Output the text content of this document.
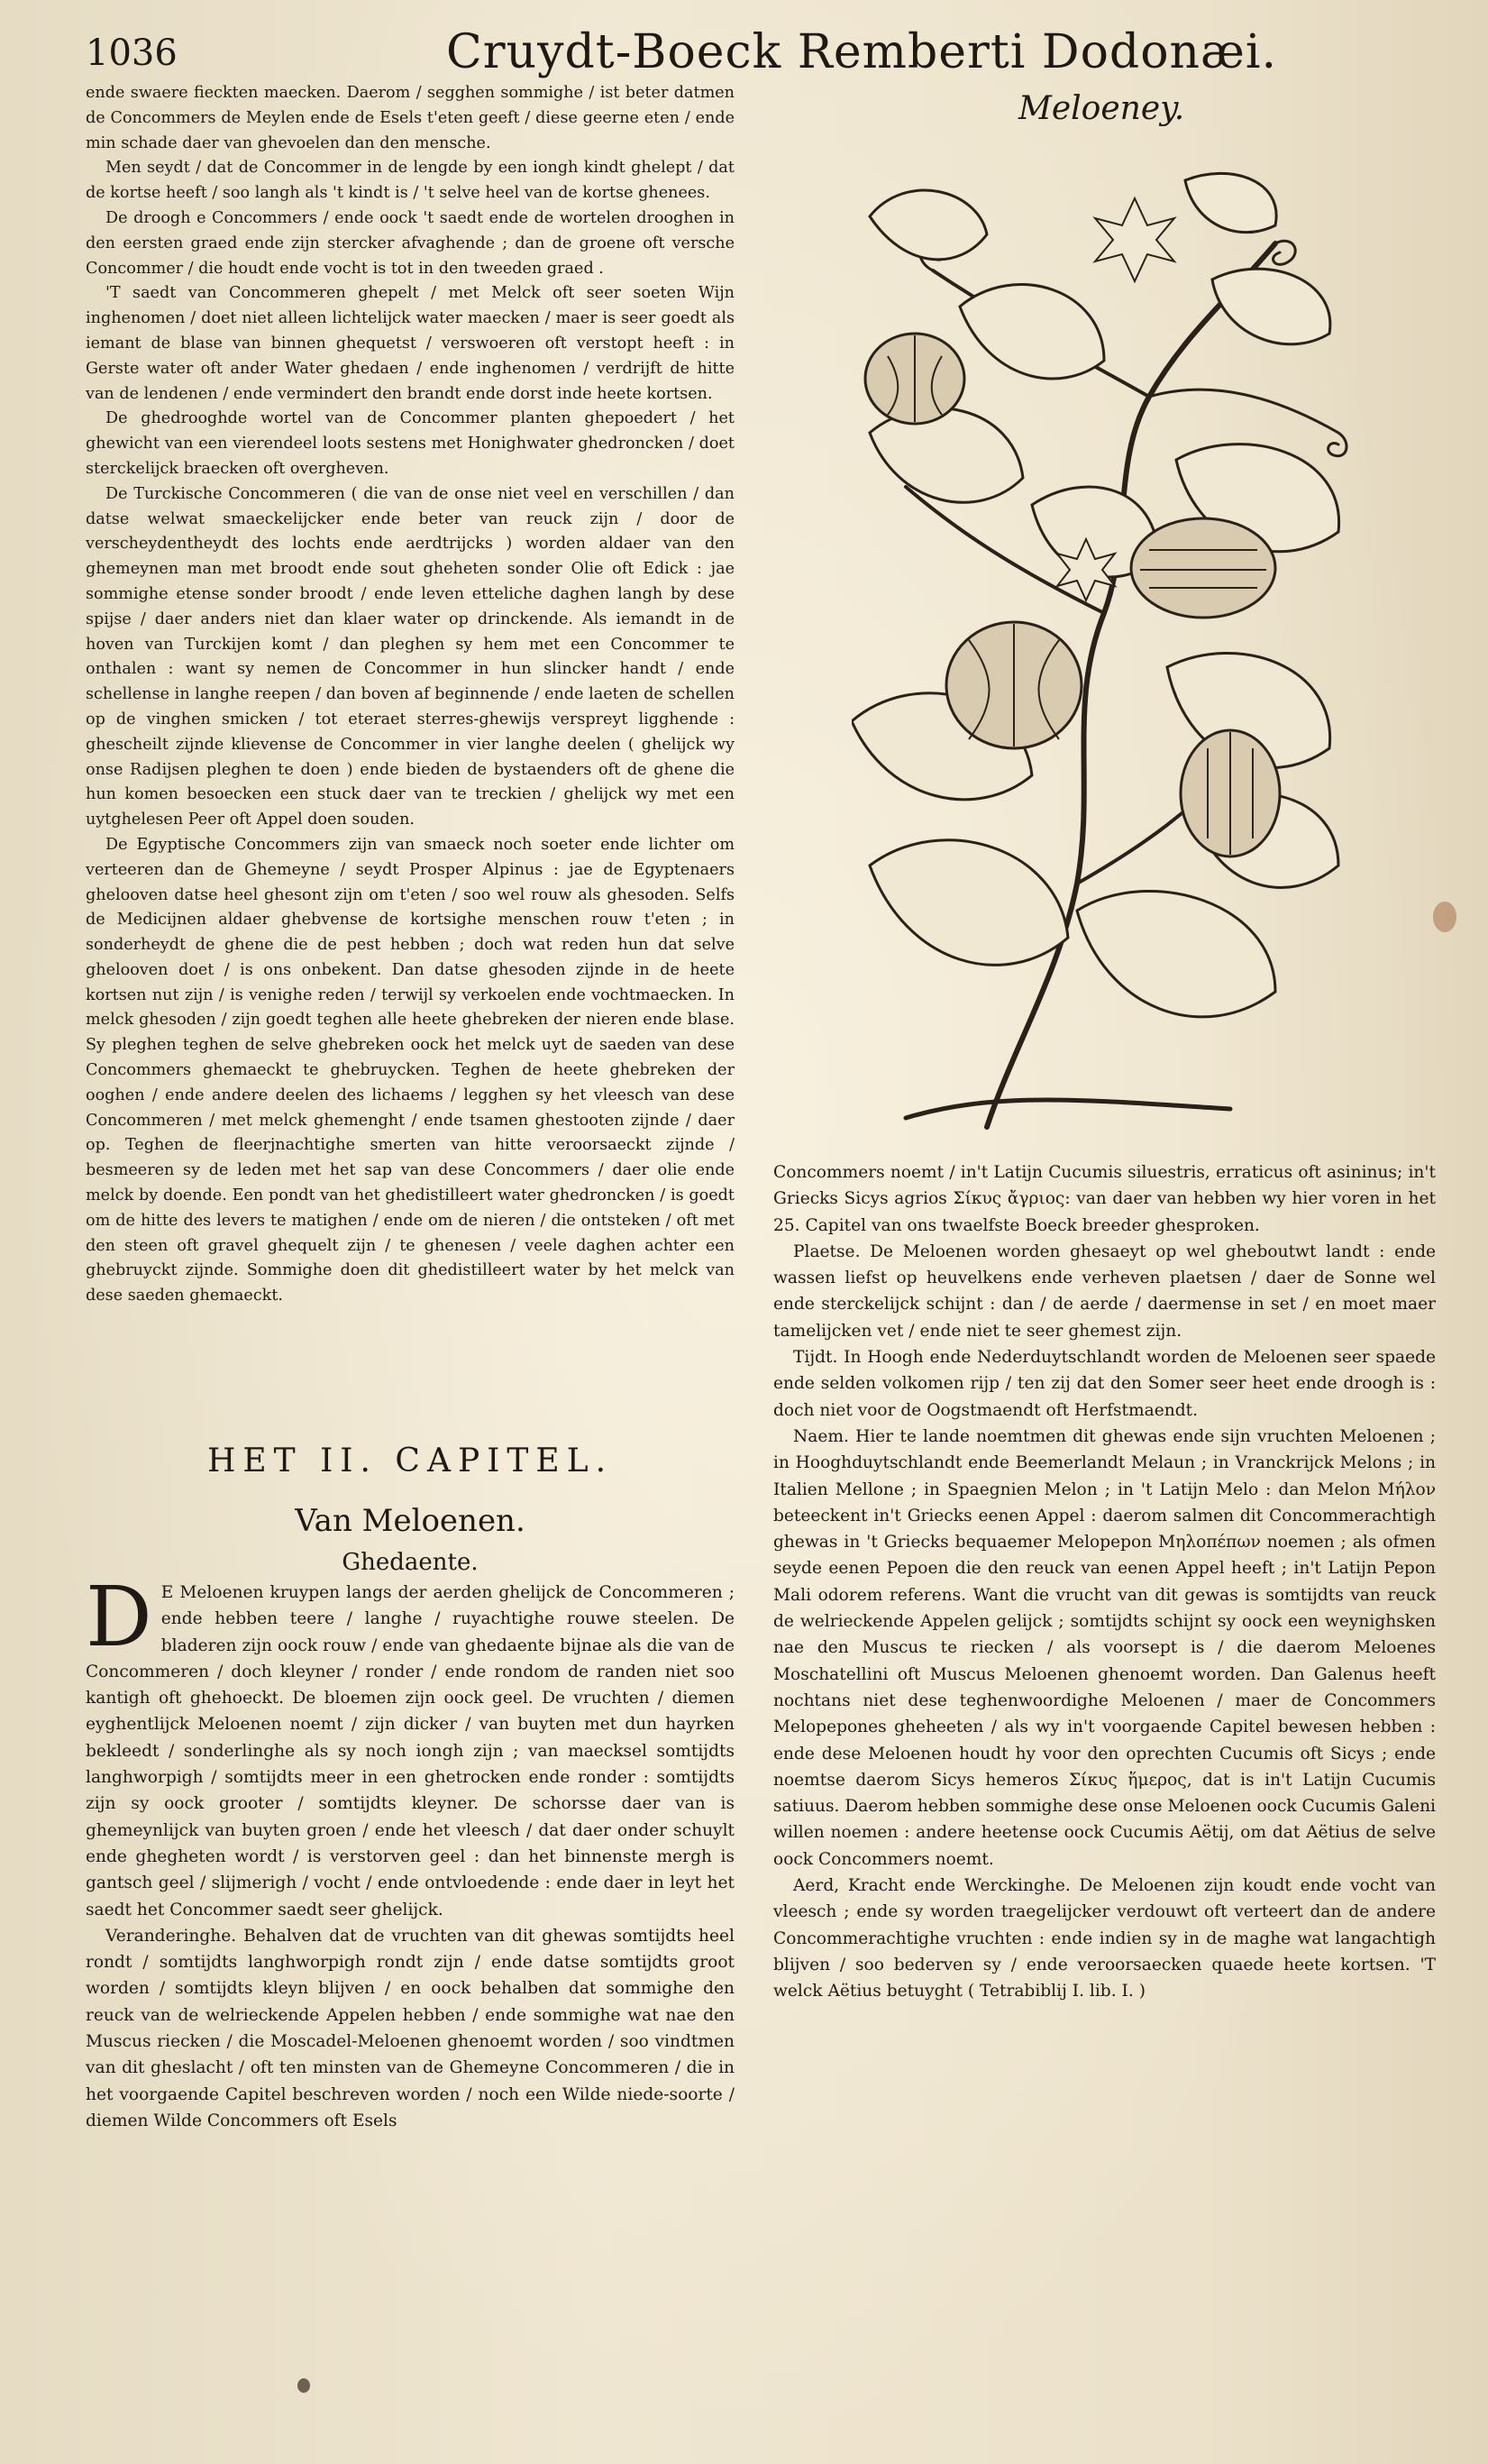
1036	Cruydt-Boeck Remberti Dodonæi.

ende swaere fieckten maecken. Daerom / segghen sommighe / ist beter datmen de Concommers de Meylen ende de Esels t'eten geeft / diese geerne eten / ende min schade daer van ghevoelen dan den mensche.

Men seydt / dat de Concommer in de lengde by een iongh kindt ghelept / dat de kortse heeft / soo langh als 't kindt is / 't selve heel van de kortse ghenees.

De droogh e Concommers / ende oock 't saedt ende de wortelen drooghen in den eersten graed ende zijn stercker afvaghende ; dan de groene oft versche Concommer / die houdt ende vocht is tot in den tweeden graed .

'T saedt van Concommeren ghepelt / met Melck oft seer soeten Wijn inghenomen / doet niet alleen lichtelijck water maecken / maer is seer goedt als iemant de blase van binnen ghequetst / verswoeren oft verstopt heeft : in Gerste water oft ander Water ghedaen / ende inghenomen / verdrijft de hitte van de lendenen / ende vermindert den brandt ende dorst inde heete kortsen.

De ghedrooghde wortel van de Concommer planten ghepoedert / het ghewicht van een vierendeel loots sestens met Honighwater ghedroncken / doet sterckelijck braecken oft overgheven.

De Turckische Concommeren ( die van de onse niet veel en verschillen / dan datse welwat smaeckelijcker ende beter van reuck zijn / door de verscheydentheydt des lochts ende aerdtrijcks ) worden aldaer van den ghemeynen man met broodt ende sout gheheten sonder Olie oft Edick : jae sommighe etense sonder broodt / ende leven etteliche daghen langh by dese spijse / daer anders niet dan klaer water op drinckende. Als iemandt in de hoven van Turckijen komt / dan pleghen sy hem met een Concommer te onthalen : want sy nemen de Concommer in hun slincker handt / ende schellense in langhe reepen / dan boven af beginnende / ende laeten de schellen op de vinghen smicken / tot eteraet sterres-ghewijs verspreyt ligghende : ghescheilt zijnde klievense de Concommer in vier langhe deelen ( ghelijck wy onse Radijsen pleghen te doen ) ende bieden de bystaenders oft de ghene die hun komen besoecken een stuck daer van te treckien / ghelijck wy met een uytghelesen Peer oft Appel doen souden.

De Egyptische Concommers zijn van smaeck noch soeter ende lichter om verteeren dan de Ghemeyne / seydt Prosper Alpinus : jae de Egyptenaers ghelooven datse heel ghesont zijn om t'eten / soo wel rouw als ghesoden. Selfs de Medicijnen aldaer ghebvense de kortsighe menschen rouw t'eten ; in sonderheydt de ghene die de pest hebben ; doch wat reden hun dat selve ghelooven doet / is ons onbekent. Dan datse ghesoden zijnde in de heete kortsen nut zijn / is venighe reden / terwijl sy verkoelen ende vochtmaecken. In melck ghesoden / zijn goedt teghen alle heete ghebreken der nieren ende blase. Sy pleghen teghen de selve ghebreken oock het melck uyt de saeden van dese Concommers ghemaeckt te ghebruycken. Teghen de heete ghebreken der ooghen / ende andere deelen des lichaems / legghen sy het vleesch van dese Concommeren / met melck ghemenght / ende tsamen ghestooten zijnde / daer op. Teghen de fleerjnachtighe smerten van hitte veroorsaeckt zijnde / besmeeren sy de leden met het sap van dese Concommers / daer olie ende melck by doende. Een pondt van het ghedistilleert water ghedroncken / is goedt om de hitte des levers te matighen / ende om de nieren / die ontsteken / oft met den steen oft gravel ghequelt zijn / te ghenesen / veele daghen achter een ghebruyckt zijnde. Sommighe doen dit ghedistilleert water by het melck van dese saeden ghemaeckt.

HET II. CAPITEL.

Van Meloenen.
Ghedaente.

D E Meloenen kruypen langs der aerden ghelijck de Concommeren ; ende hebben teere / langhe / ruyachtighe rouwe steelen. De bladeren zijn oock rouw / ende van ghedaente bijnae als die van de Concommeren / doch kleyner / ronder / ende rondom de randen niet soo kantigh oft ghehoeckt. De bloemen zijn oock geel. De vruchten / diemen eyghentlijck Meloenen noemt / zijn dicker / van buyten met dun hayrken bekleedt / sonderlinghe als sy noch iongh zijn ; van maecksel somtijdts langhworpigh / somtijdts meer in een ghetrocken ende ronder : somtijdts zijn sy oock grooter / somtijdts kleyner. De schorsse daer van is ghemeynlijck van buyten groen / ende het vleesch / dat daer onder schuylt ende ghegheten wordt / is verstorven geel : dan het binnenste mergh is gantsch geel / slijmerigh / vocht / ende ontvloedende : ende daer in leyt het saedt het Concommer saedt seer ghelijck.

Veranderinghe. Behalven dat de vruchten van dit ghewas somtijdts heel rondt / somtijdts langhworpigh rondt zijn / ende datse somtijdts groot worden / somtijdts kleyn blijven / en oock behalben dat sommighe den reuck van de welrieckende Appelen hebben / ende sommighe wat nae den Muscus riecken / die Moscadel-Meloenen ghenoemt worden / soo vindtmen van dit gheslacht / oft ten minsten van de Ghemeyne Concommeren / die in het voorgaende Capitel beschreven worden / noch een Wilde niede-soorte / diemen Wilde Concommers oft Esels

Meloeney.

Concommers noemt / in't Latijn Cucumis siluestris, erraticus oft asininus; in't Griecks Sicys agrios Σίκυς ἄγριος: van daer van hebben wy hier voren in het 25. Capitel van ons twaelfste Boeck breeder ghesproken.

Plaetse. De Meloenen worden ghesaeyt op wel gheboutwt landt : ende wassen liefst op heuvelkens ende verheven plaetsen / daer de Sonne wel ende sterckelijck schijnt : dan / de aerde / daermense in set / en moet maer tamelijcken vet / ende niet te seer ghemest zijn.

Tijdt. In Hoogh ende Nederduytschlandt worden de Meloenen seer spaede ende selden volkomen rijp / ten zij dat den Somer seer heet ende droogh is : doch niet voor de Oogstmaendt oft Herfstmaendt.

Naem. Hier te lande noemtmen dit ghewas ende sijn vruchten Meloenen ; in Hooghduytschlandt ende Beemerlandt Melaun ; in Vranckrijck Melons ; in Italien Mellone ; in Spaegnien Melon ; in 't Latijn Melo : dan Melon Μήλον beteeckent in't Griecks eenen Appel : daerom salmen dit Concommerachtigh ghewas in 't Griecks bequaemer Melopepon Μηλοπέπων noemen ; als ofmen seyde eenen Pepoen die den reuck van eenen Appel heeft ; in't Latijn Pepon Mali odorem referens. Want die vrucht van dit gewas is somtijdts van reuck de welrieckende Appelen gelijck ; somtijdts schijnt sy oock een weynighsken nae den Muscus te riecken / als voorsept is / die daerom Meloenes Moschatellini oft Muscus Meloenen ghenoemt worden. Dan Galenus heeft nochtans niet dese teghenwoordighe Meloenen / maer de Concommers Melopepones gheheeten / als wy in't voorgaende Capitel bewesen hebben : ende dese Meloenen houdt hy voor den oprechten Cucumis oft Sicys ; ende noemtse daerom Sicys hemeros Σίκυς ἥμερος, dat is in't Latijn Cucumis satiuus. Daerom hebben sommighe dese onse Meloenen oock Cucumis Galeni willen noemen : andere heetense oock Cucumis Aëtij, om dat Aëtius de selve oock Concommers noemt.

Aerd, Kracht ende Werckinghe. De Meloenen zijn koudt ende vocht van vleesch ; ende sy worden traegelijcker verdouwt oft verteert dan de andere Concommerachtighe vruchten : ende indien sy in de maghe wat langachtigh blijven / soo bederven sy / ende veroorsaecken quaede heete kortsen. 'T welck Aëtius betuyght ( Tetrabiblij I. lib. I. )
